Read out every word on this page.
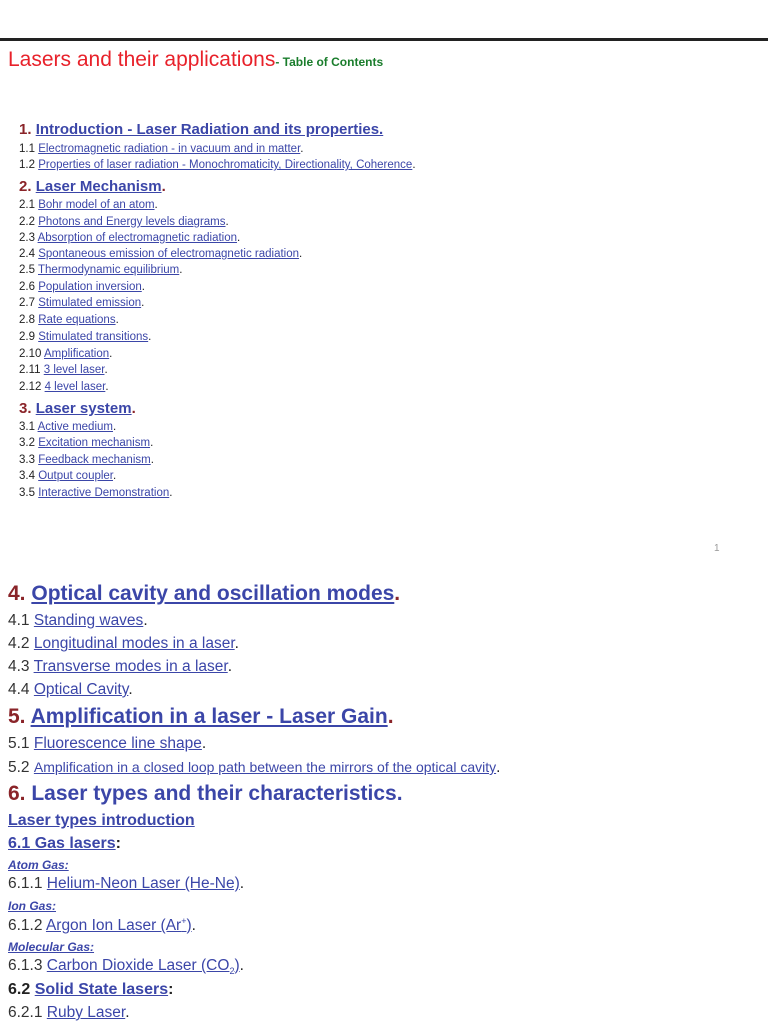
Lasers and their applications- Table of Contents
1. Introduction - Laser Radiation and its properties.
1.1 Electromagnetic radiation - in vacuum and in matter.
1.2 Properties of laser radiation - Monochromaticity, Directionality, Coherence.
2. Laser Mechanism.
2.1 Bohr model of an atom.
2.2 Photons and Energy levels diagrams.
2.3 Absorption of electromagnetic radiation.
2.4 Spontaneous emission of electromagnetic radiation.
2.5 Thermodynamic equilibrium.
2.6 Population inversion.
2.7 Stimulated emission.
2.8 Rate equations.
2.9 Stimulated transitions.
2.10 Amplification.
2.11 3 level laser.
2.12 4 level laser.
3. Laser system.
3.1 Active medium.
3.2 Excitation mechanism.
3.3 Feedback mechanism.
3.4 Output coupler.
3.5 Interactive Demonstration.
1
4. Optical cavity and oscillation modes.
4.1 Standing waves.
4.2 Longitudinal modes in a laser.
4.3 Transverse modes in a laser.
4.4 Optical Cavity.
5. Amplification in a laser - Laser Gain.
5.1 Fluorescence line shape.
5.2 Amplification in a closed loop path between the mirrors of the optical cavity.
6. Laser types and their characteristics.
Laser types introduction
6.1 Gas lasers:
Atom Gas:
6.1.1 Helium-Neon Laser (He-Ne).
Ion Gas:
6.1.2 Argon Ion Laser (Ar+).
Molecular Gas:
6.1.3 Carbon Dioxide Laser $(CO_2)$.
6.2 Solid State lasers:
6.2.1 Ruby Laser.
